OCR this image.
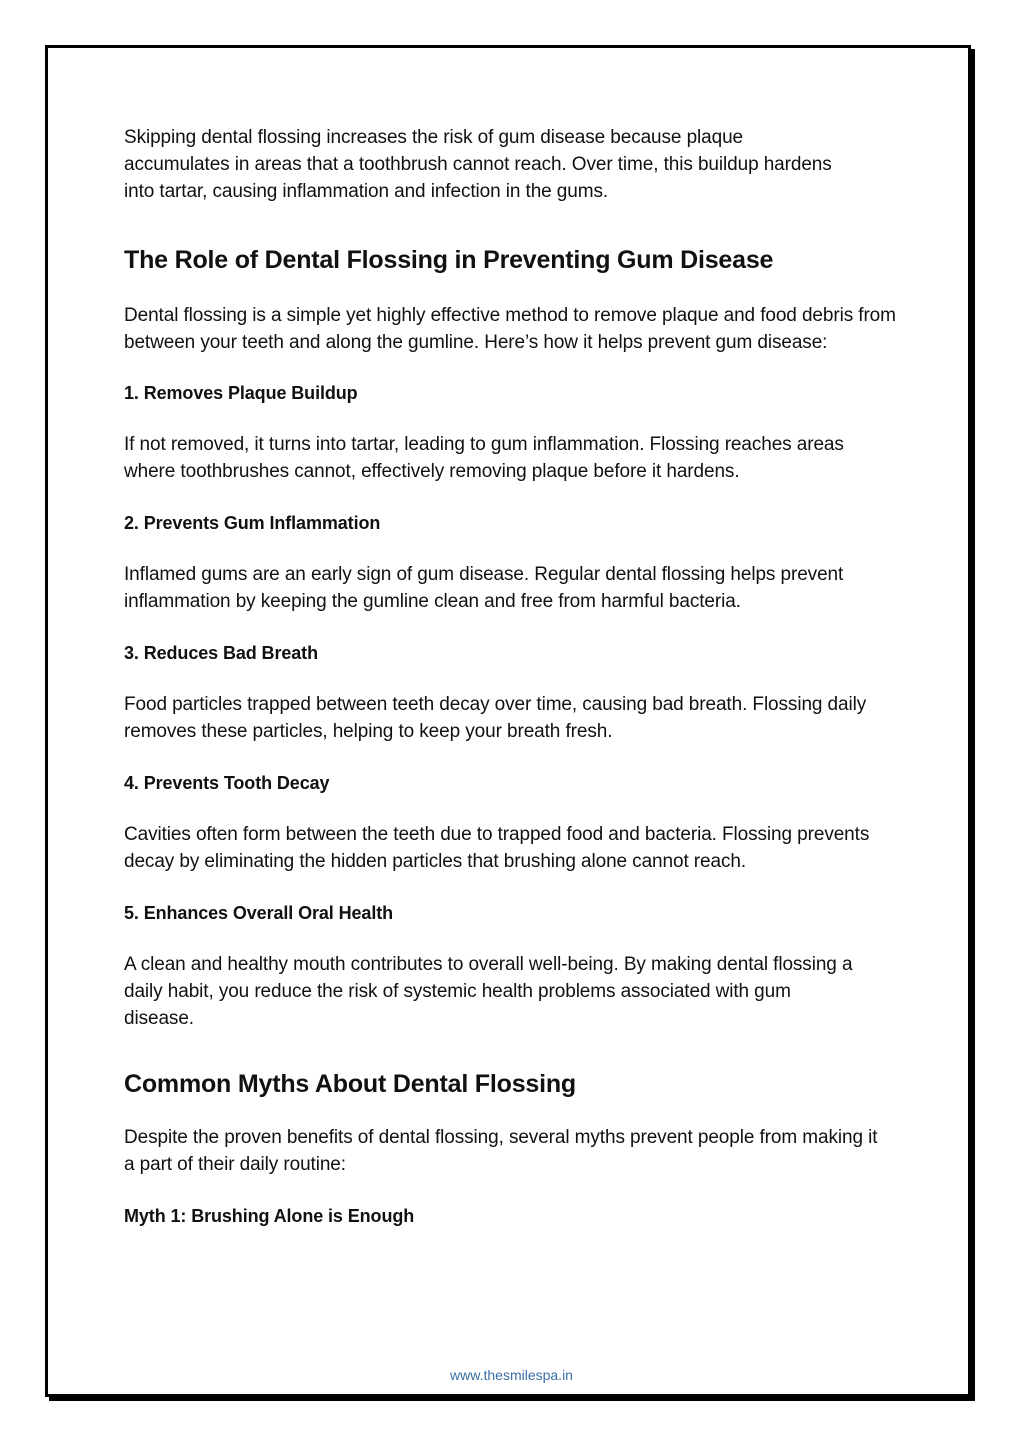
Skipping dental flossing increases the risk of gum disease because plaque accumulates in areas that a toothbrush cannot reach. Over time, this buildup hardens into tartar, causing inflammation and infection in the gums.

The Role of Dental Flossing in Preventing Gum Disease

Dental flossing is a simple yet highly effective method to remove plaque and food debris from between your teeth and along the gumline. Here’s how it helps prevent gum disease:

1. Removes Plaque Buildup

If not removed, it turns into tartar, leading to gum inflammation. Flossing reaches areas where toothbrushes cannot, effectively removing plaque before it hardens.

2. Prevents Gum Inflammation

Inflamed gums are an early sign of gum disease. Regular dental flossing helps prevent inflammation by keeping the gumline clean and free from harmful bacteria.

3. Reduces Bad Breath

Food particles trapped between teeth decay over time, causing bad breath. Flossing daily removes these particles, helping to keep your breath fresh.

4. Prevents Tooth Decay

Cavities often form between the teeth due to trapped food and bacteria. Flossing prevents decay by eliminating the hidden particles that brushing alone cannot reach.

5. Enhances Overall Oral Health

A clean and healthy mouth contributes to overall well-being. By making dental flossing a daily habit, you reduce the risk of systemic health problems associated with gum disease.

Common Myths About Dental Flossing

Despite the proven benefits of dental flossing, several myths prevent people from making it a part of their daily routine:

Myth 1: Brushing Alone is Enough
www.thesmilespa.in
